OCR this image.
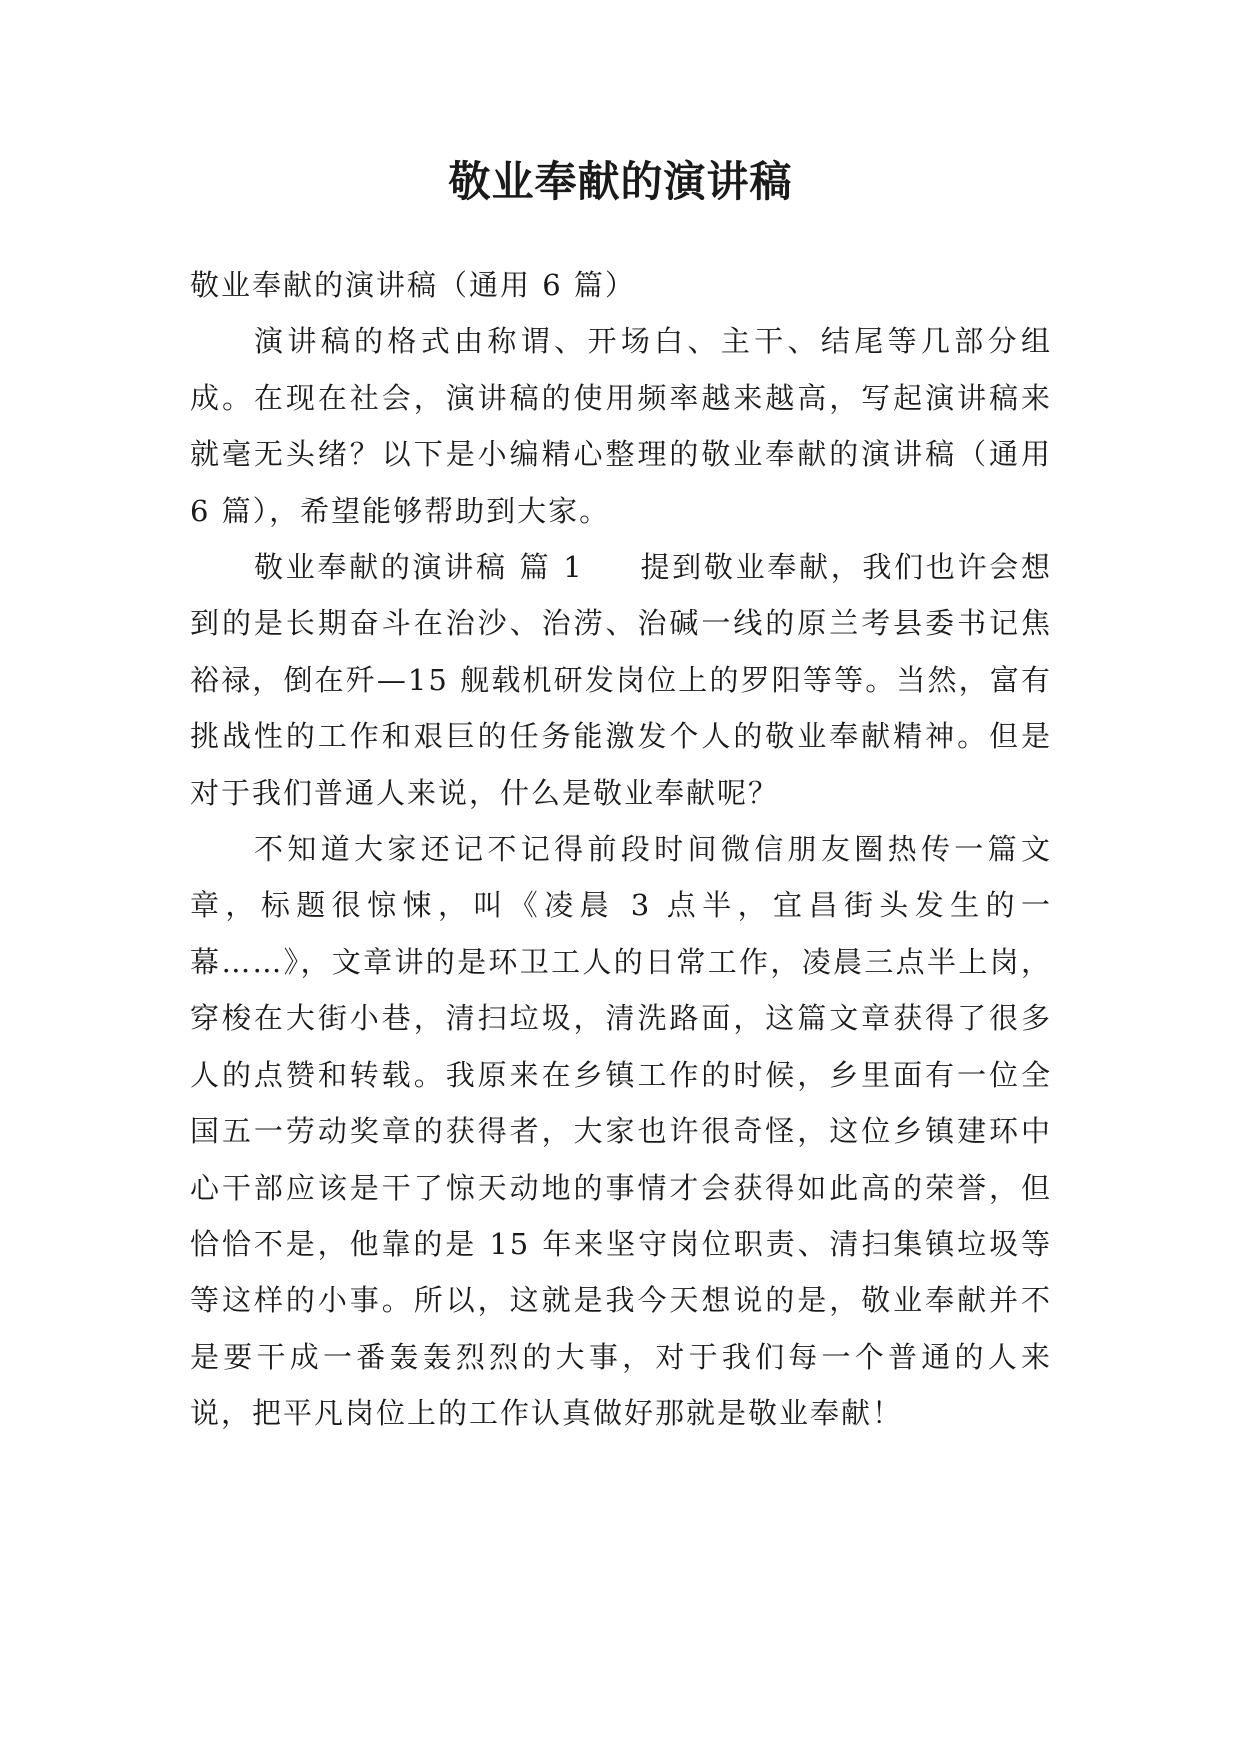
敬业奉献的演讲稿

敬业奉献的演讲稿（通用 6 篇）

演讲稿的格式由称谓、开场白、主干、结尾等几部分组成。在现在社会，演讲稿的使用频率越来越高，写起演讲稿来就毫无头绪？以下是小编精心整理的敬业奉献的演讲稿（通用 6 篇），希望能够帮助到大家。

敬业奉献的演讲稿 篇 1 提到敬业奉献，我们也许会想到的是长期奋斗在治沙、治涝、治碱一线的原兰考县委书记焦裕禄，倒在歼—15 舰载机研发岗位上的罗阳等等。当然，富有挑战性的工作和艰巨的任务能激发个人的敬业奉献精神。但是对于我们普通人来说，什么是敬业奉献呢？

不知道大家还记不记得前段时间微信朋友圈热传一篇文章，标题很惊悚，叫《凌晨 3 点半，宜昌街头发生的一幕……》，文章讲的是环卫工人的日常工作，凌晨三点半上岗，穿梭在大街小巷，清扫垃圾，清洗路面，这篇文章获得了很多人的点赞和转载。我原来在乡镇工作的时候，乡里面有一位全国五一劳动奖章的获得者，大家也许很奇怪，这位乡镇建环中心干部应该是干了惊天动地的事情才会获得如此高的荣誉，但恰恰不是，他靠的是 15 年来坚守岗位职责、清扫集镇垃圾等等这样的小事。所以，这就是我今天想说的是，敬业奉献并不是要干成一番轰轰烈烈的大事，对于我们每一个普通的人来说，把平凡岗位上的工作认真做好那就是敬业奉献！
